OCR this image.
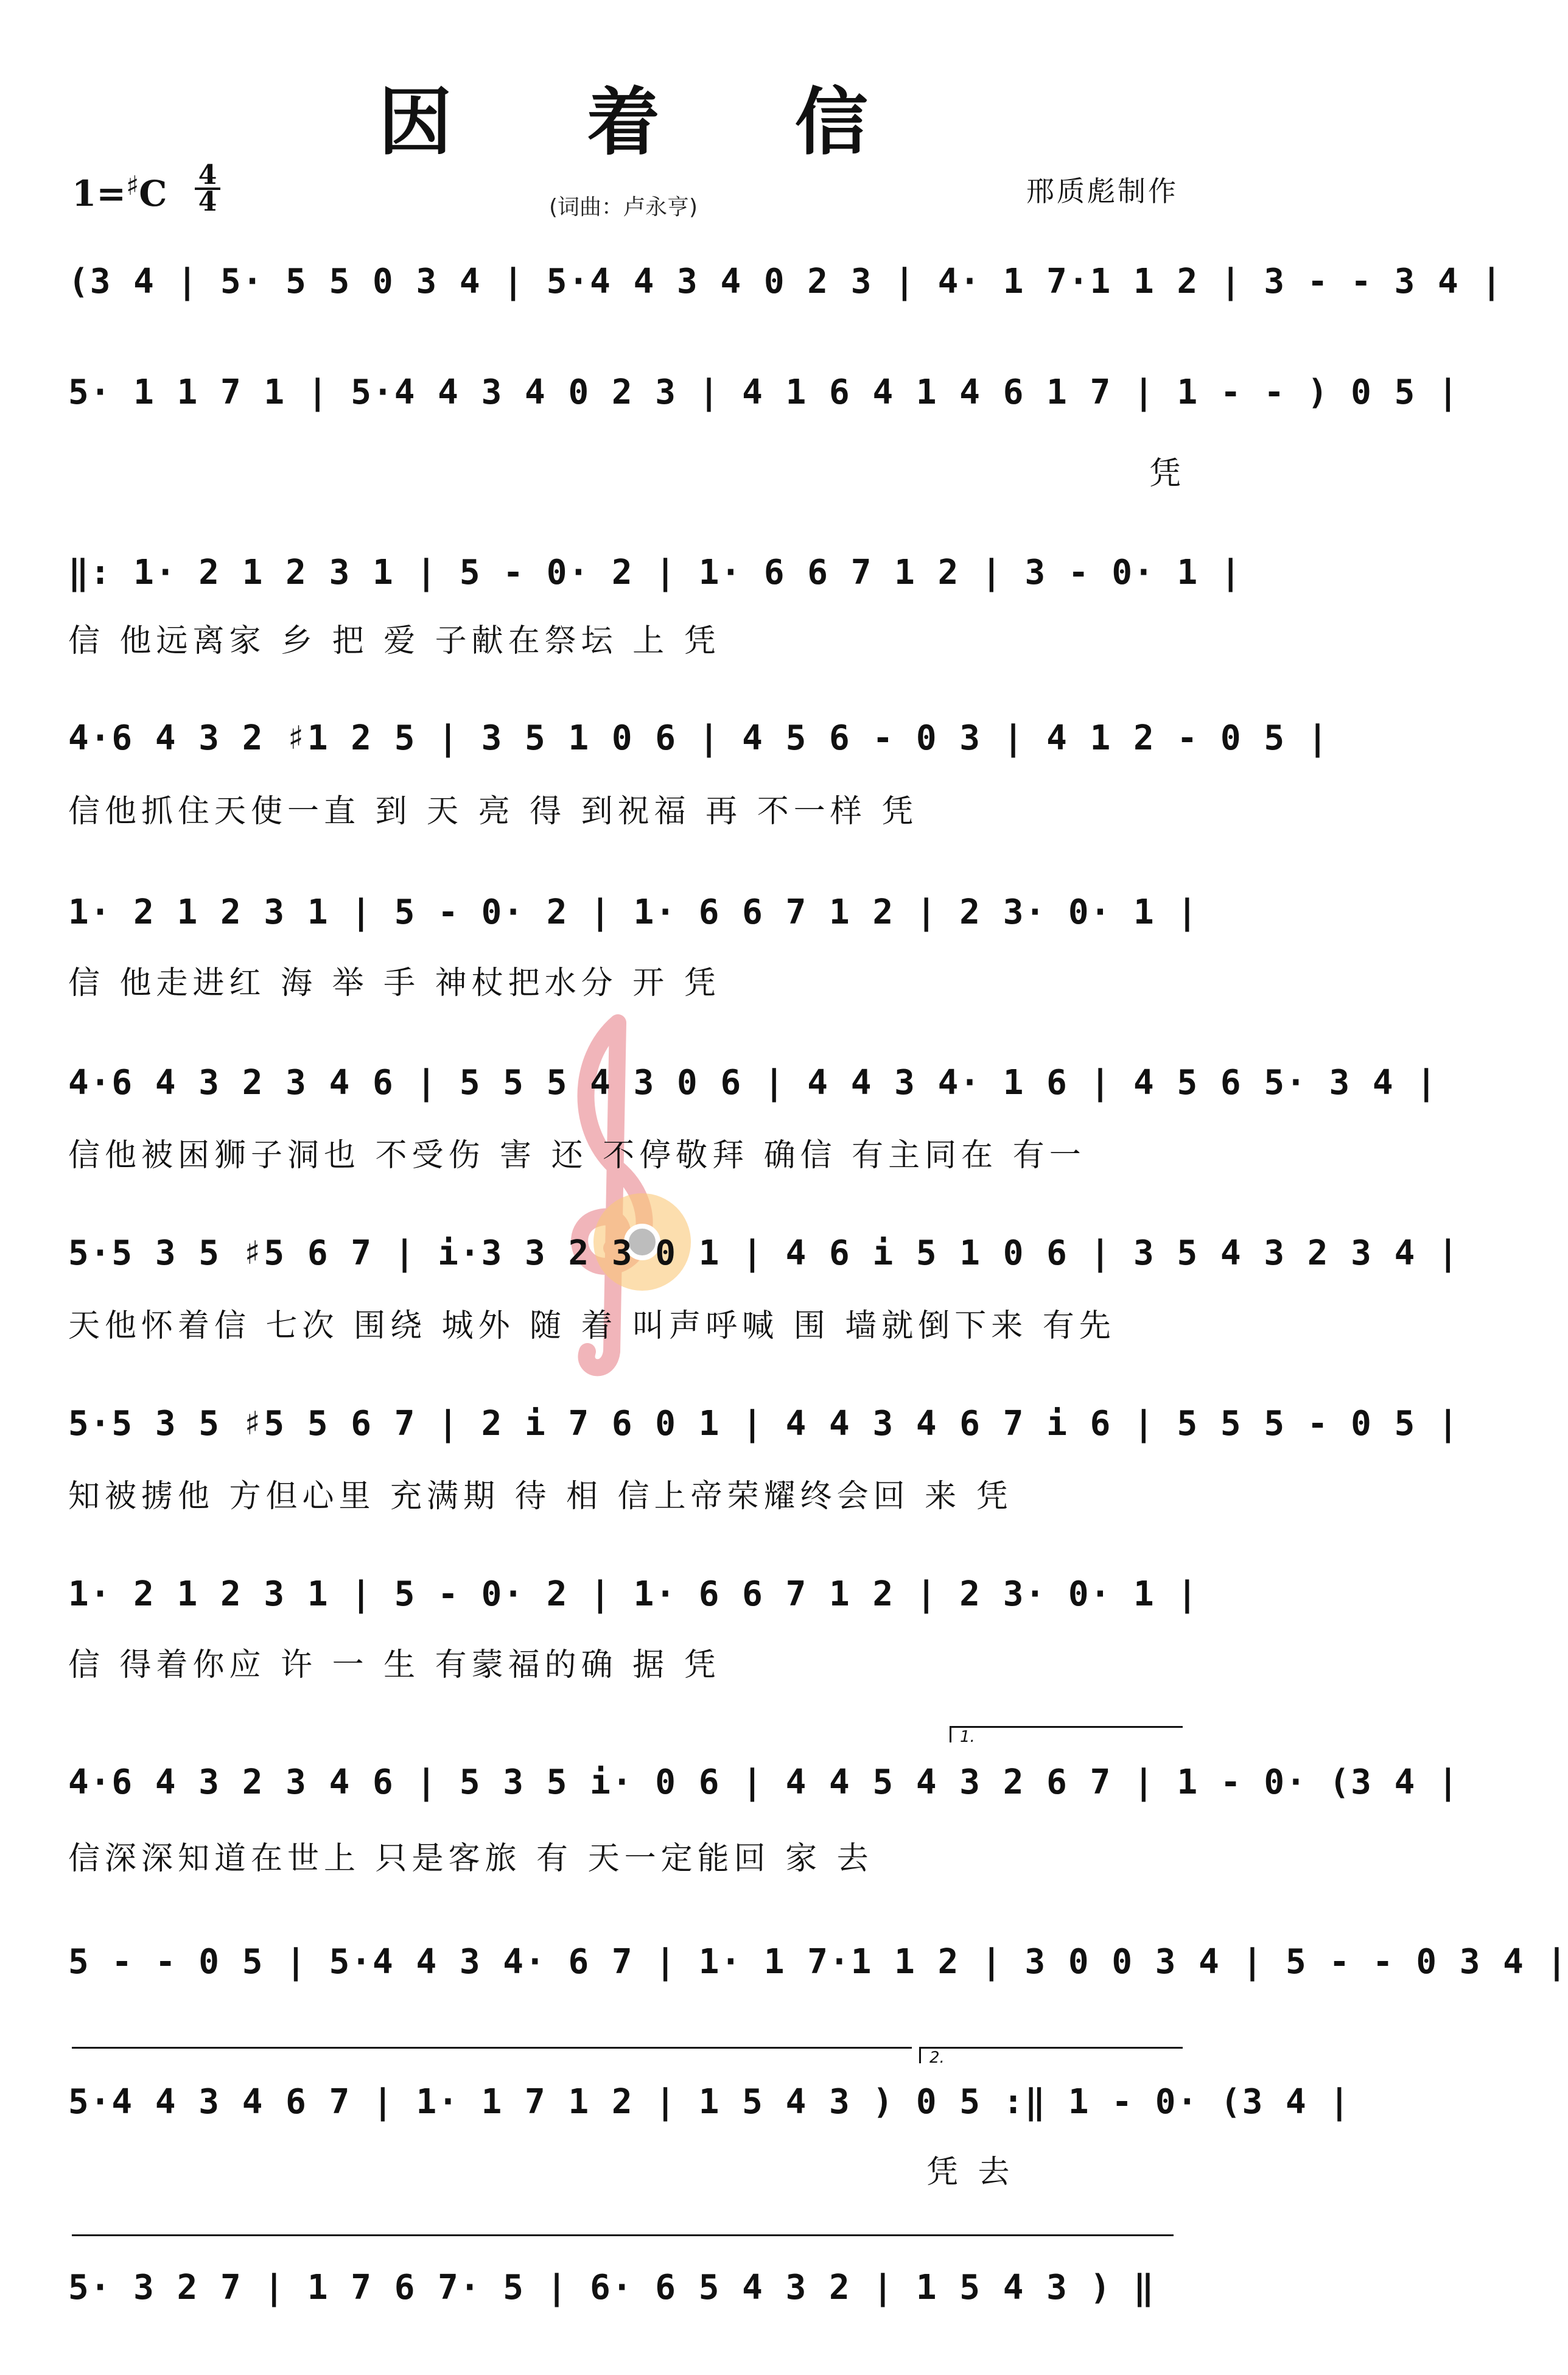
因 着 信
1=♯C 4
4	(词曲：卢永亨)	邢质彪制作
(3 4 | 5· 5 5 0 3 4 | 5·4 4 3 4 0 2 3 | 4· 1 7·1 1 2 | 3 - - 3 4 |
5· 1 1 7 1 | 5·4 4 3 4 0 2 3 | 4 1 6 4 1 4 6 1 7 | 1 - - ) 0 5 |
凭
‖: 1· 2 1 2 3 1 | 5 - 0· 2 | 1· 6 6 7 1 2 | 3 - 0· 1 |
信 他远离家 乡 把 爱 子献在祭坛 上 凭
4·6 4 3 2 ♯1 2 5 | 3 5 1 0 6 | 4 5 6 - 0 3 | 4 1 2 - 0 5 |
信他抓住天使一直 到 天 亮 得 到祝福 再 不一样 凭
1· 2 1 2 3 1 | 5 - 0· 2 | 1· 6 6 7 1 2 | 2 3· 0· 1 |
信 他走进红 海 举 手 神杖把水分 开 凭
4·6 4 3 2 3 4 6 | 5 5 5 4 3 0 6 | 4 4 3 4· 1 6 | 4 5 6 5· 3 4 |
信他被困狮子洞也 不受伤 害 还 不停敬拜 确信 有主同在 有一
5·5 3 5 ♯5 6 7 | i·3 3 2 3 0 1 | 4 6 i 5 1 0 6 | 3 5 4 3 2 3 4 |
天他怀着信 七次 围绕 城外 随 着 叫声呼喊 围 墙就倒下来 有先
5·5 3 5 ♯5 5 6 7 | 2 i 7 6 0 1 | 4 4 3 4 6 7 i 6 | 5 5 5 - 0 5 |
知被掳他 方但心里 充满期 待 相 信上帝荣耀终会回 来 凭
1· 2 1 2 3 1 | 5 - 0· 2 | 1· 6 6 7 1 2 | 2 3· 0· 1 |
信 得着你应 许 一 生 有蒙福的确 据 凭
1.
4·6 4 3 2 3 4 6 | 5 3 5 i· 0 6 | 4 4 5 4 3 2 6 7 | 1 - 0· (3 4 |
信深深知道在世上 只是客旅 有 天一定能回 家 去
5 - - 0 5 | 5·4 4 3 4· 6 7 | 1· 1 7·1 1 2 | 3 0 0 3 4 | 5 - - 0 3 4 |
2.
5·4 4 3 4 6 7 | 1· 1 7 1 2 | 1 5 4 3 ) 0 5 :‖ 1 - 0· (3 4 |
凭 去
5· 3 2 7 | 1 7 6 7· 5 | 6· 6 5 4 3 2 | 1 5 4 3 ) ‖
